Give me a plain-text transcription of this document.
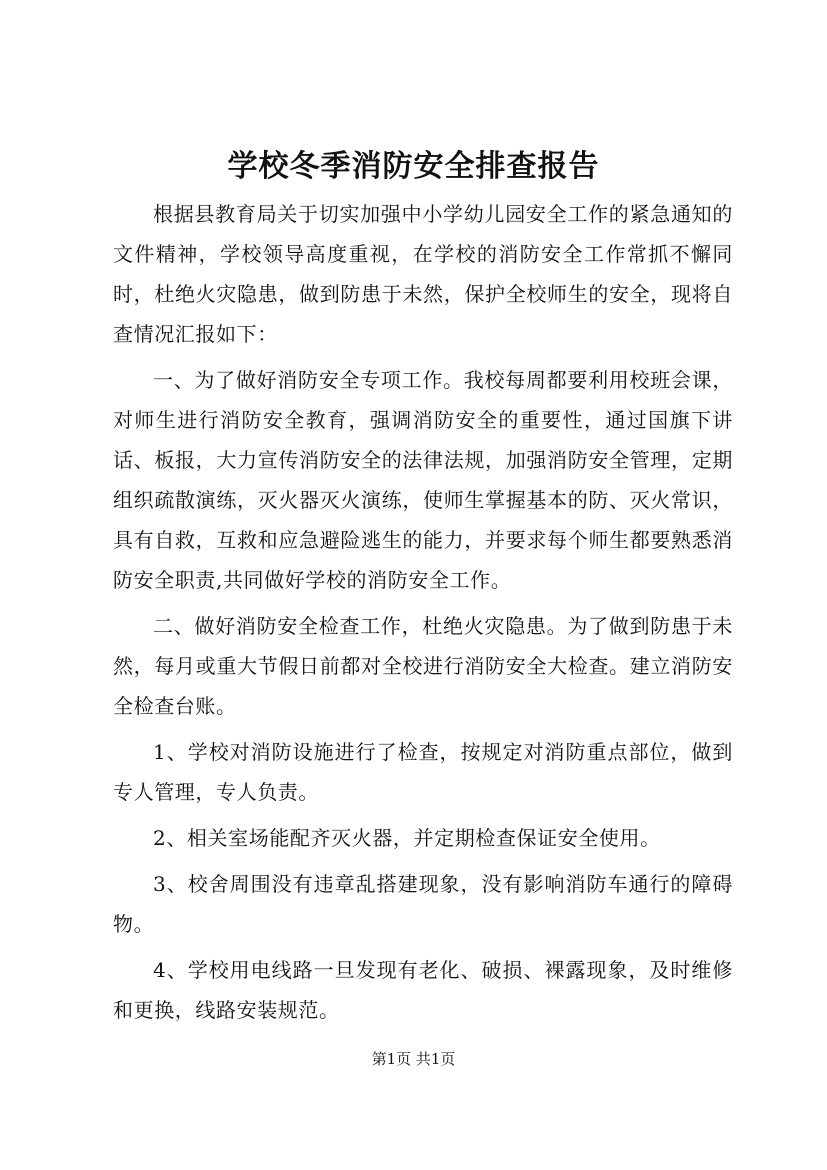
学校冬季消防安全排查报告

根据县教育局关于切实加强中小学幼儿园安全工作的紧急通知的文件精神，学校领导高度重视，在学校的消防安全工作常抓不懈同时，杜绝火灾隐患，做到防患于未然，保护全校师生的安全，现将自查情况汇报如下：

一、为了做好消防安全专项工作。我校每周都要利用校班会课，对师生进行消防安全教育，强调消防安全的重要性，通过国旗下讲话、板报，大力宣传消防安全的法律法规，加强消防安全管理，定期组织疏散演练，灭火器灭火演练，使师生掌握基本的防、灭火常识，具有自救，互救和应急避险逃生的能力，并要求每个师生都要熟悉消防安全职责,共同做好学校的消防安全工作。

二、做好消防安全检查工作，杜绝火灾隐患。为了做到防患于未然，每月或重大节假日前都对全校进行消防安全大检查。建立消防安全检查台账。

1、学校对消防设施进行了检查，按规定对消防重点部位，做到专人管理，专人负责。

2、相关室场能配齐灭火器，并定期检查保证安全使用。

3、校舍周围没有违章乱搭建现象，没有影响消防车通行的障碍物。

4、学校用电线路一旦发现有老化、破损、裸露现象，及时维修和更换，线路安装规范。

第1页 共1页
